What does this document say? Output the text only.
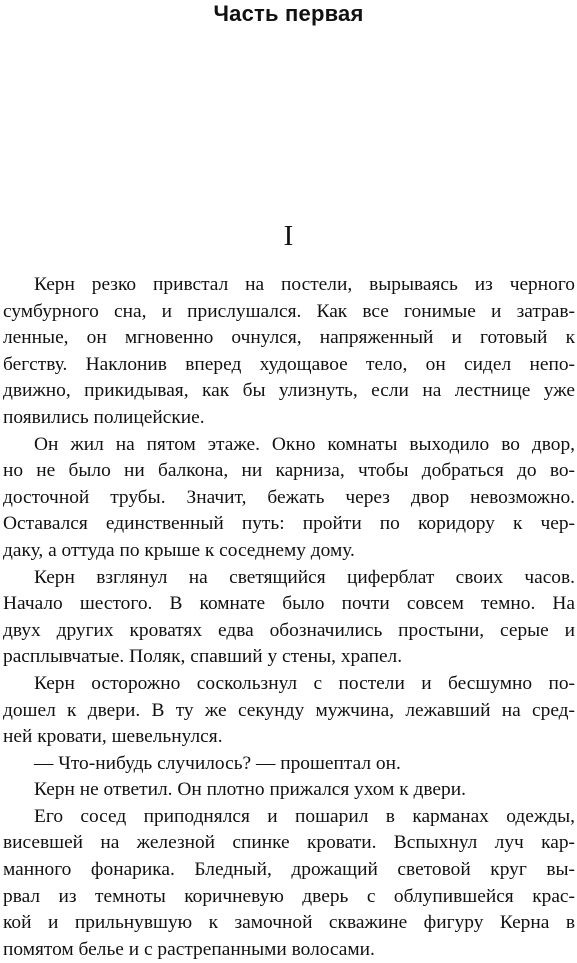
Часть первая
I
Керн резко привстал на постели, вырываясь из черного
сумбурного сна, и прислушался. Как все гонимые и затрав-
ленные, он мгновенно очнулся, напряженный и готовый к
бегству. Наклонив вперед худощавое тело, он сидел непо-
движно, прикидывая, как бы улизнуть, если на лестнице уже
появились полицейские.
Он жил на пятом этаже. Окно комнаты выходило во двор,
но не было ни балкона, ни карниза, чтобы добраться до во-
досточной трубы. Значит, бежать через двор невозможно.
Оставался единственный путь: пройти по коридору к чер-
даку, а оттуда по крыше к соседнему дому.
Керн взглянул на светящийся циферблат своих часов.
Начало шестого. В комнате было почти совсем темно. На
двух других кроватях едва обозначились простыни, серые и
расплывчатые. Поляк, спавший у стены, храпел.
Керн осторожно соскользнул с постели и бесшумно по-
дошел к двери. В ту же секунду мужчина, лежавший на сред-
ней кровати, шевельнулся.
— Что-нибудь случилось? — прошептал он.
Керн не ответил. Он плотно прижался ухом к двери.
Его сосед приподнялся и пошарил в карманах одежды,
висевшей на железной спинке кровати. Вспыхнул луч кар-
манного фонарика. Бледный, дрожащий световой круг вы-
рвал из темноты коричневую дверь с облупившейся крас-
кой и прильнувшую к замочной скважине фигуру Керна в
помятом белье и с растрепанными волосами.
